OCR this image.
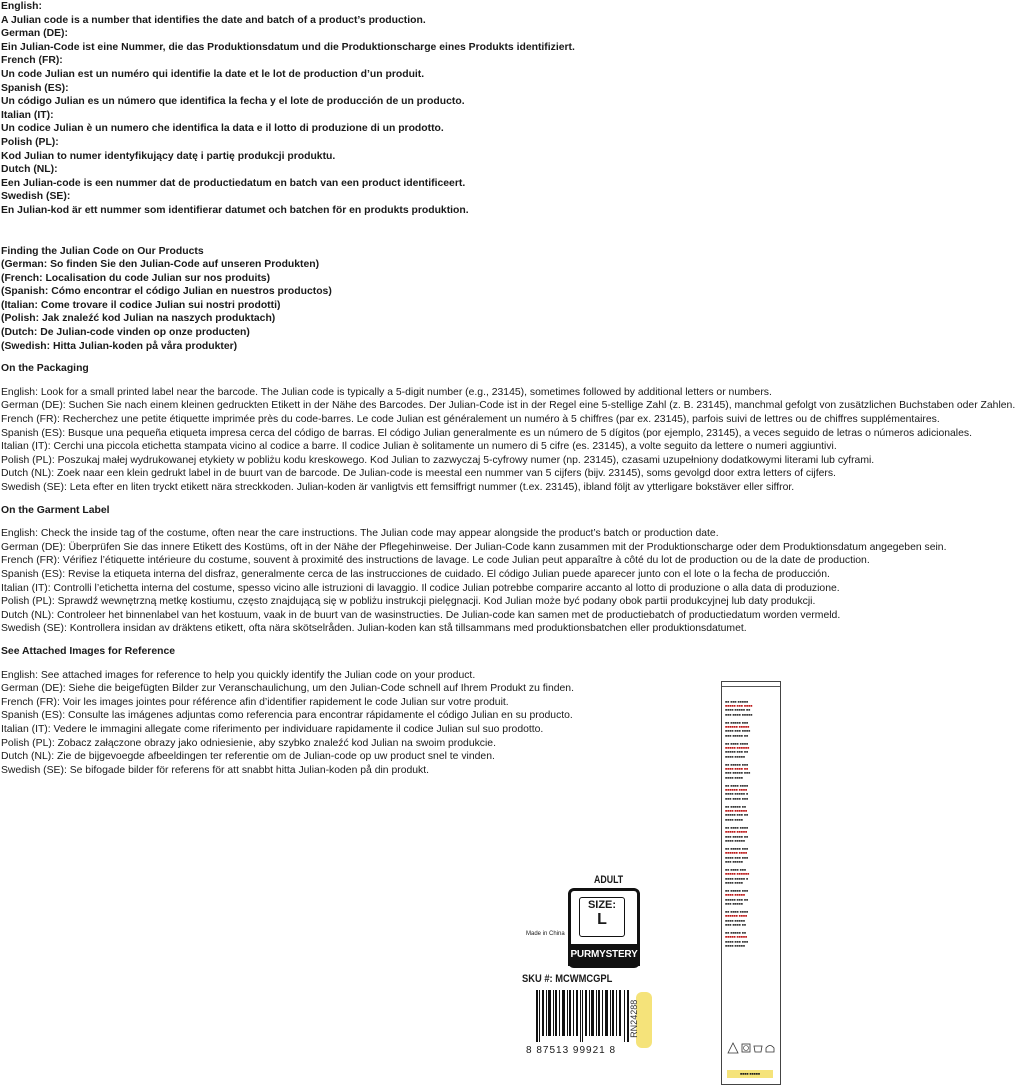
English:
A Julian code is a number that identifies the date and batch of a product’s production.
German (DE):
Ein Julian-Code ist eine Nummer, die das Produktionsdatum und die Produktionscharge eines Produkts identifiziert.
French (FR):
Un code Julian est un numéro qui identifie la date et le lot de production d’un produit.
Spanish (ES):
Un código Julian es un número que identifica la fecha y el lote de producción de un producto.
Italian (IT):
Un codice Julian è un numero che identifica la data e il lotto di produzione di un prodotto.
Polish (PL):
Kod Julian to numer identyfikujący datę i partię produkcji produktu.
Dutch (NL):
Een Julian-code is een nummer dat de productiedatum en batch van een product identificeert.
Swedish (SE):
En Julian-kod är ett nummer som identifierar datumet och batchen för en produkts produktion.
Finding the Julian Code on Our Products
(German: So finden Sie den Julian-Code auf unseren Produkten)
(French: Localisation du code Julian sur nos produits)
(Spanish: Cómo encontrar el código Julian en nuestros productos)
(Italian: Come trovare il codice Julian sui nostri prodotti)
(Polish: Jak znaleźć kod Julian na naszych produktach)
(Dutch: De Julian-code vinden op onze producten)
(Swedish: Hitta Julian-koden på våra produkter)
On the Packaging
English: Look for a small printed label near the barcode. The Julian code is typically a 5-digit number (e.g., 23145), sometimes followed by additional letters or numbers.
German (DE): Suchen Sie nach einem kleinen gedruckten Etikett in der Nähe des Barcodes. Der Julian-Code ist in der Regel eine 5-stellige Zahl (z. B. 23145), manchmal gefolgt von zusätzlichen Buchstaben oder Zahlen.
French (FR): Recherchez une petite étiquette imprimée près du code-barres. Le code Julian est généralement un numéro à 5 chiffres (par ex. 23145), parfois suivi de lettres ou de chiffres supplémentaires.
Spanish (ES): Busque una pequeña etiqueta impresa cerca del código de barras. El código Julian generalmente es un número de 5 dígitos (por ejemplo, 23145), a veces seguido de letras o números adicionales.
Italian (IT): Cerchi una piccola etichetta stampata vicino al codice a barre. Il codice Julian è solitamente un numero di 5 cifre (es. 23145), a volte seguito da lettere o numeri aggiuntivi.
Polish (PL): Poszukaj małej wydrukowanej etykiety w pobliżu kodu kreskowego. Kod Julian to zazwyczaj 5-cyfrowy numer (np. 23145), czasami uzupełniony dodatkowymi literami lub cyframi.
Dutch (NL): Zoek naar een klein gedrukt label in de buurt van de barcode. De Julian-code is meestal een nummer van 5 cijfers (bijv. 23145), soms gevolgd door extra letters of cijfers.
Swedish (SE): Leta efter en liten tryckt etikett nära streckkoden. Julian-koden är vanligtvis ett femsiffrigt nummer (t.ex. 23145), ibland följt av ytterligare bokstäver eller siffror.
On the Garment Label
English: Check the inside tag of the costume, often near the care instructions. The Julian code may appear alongside the product’s batch or production date.
German (DE): Überprüfen Sie das innere Etikett des Kostüms, oft in der Nähe der Pflegehinweise. Der Julian-Code kann zusammen mit der Produktionscharge oder dem Produktionsdatum angegeben sein.
French (FR): Vérifiez l’étiquette intérieure du costume, souvent à proximité des instructions de lavage. Le code Julian peut apparaître à côté du lot de production ou de la date de production.
Spanish (ES): Revise la etiqueta interna del disfraz, generalmente cerca de las instrucciones de cuidado. El código Julian puede aparecer junto con el lote o la fecha de producción.
Italian (IT): Controlli l’etichetta interna del costume, spesso vicino alle istruzioni di lavaggio. Il codice Julian potrebbe comparire accanto al lotto di produzione o alla data di produzione.
Polish (PL): Sprawdź wewnętrzną metkę kostiumu, często znajdującą się w pobliżu instrukcji pielęgnacji. Kod Julian może być podany obok partii produkcyjnej lub daty produkcji.
Dutch (NL): Controleer het binnenlabel van het kostuum, vaak in de buurt van de wasinstructies. De Julian-code kan samen met de productiebatch of productiedatum worden vermeld.
Swedish (SE): Kontrollera insidan av dräktens etikett, ofta nära skötselråden. Julian-koden kan stå tillsammans med produktionsbatchen eller produktionsdatumet.
See Attached Images for Reference
English: See attached images for reference to help you quickly identify the Julian code on your product.
German (DE): Siehe die beigefügten Bilder zur Veranschaulichung, um den Julian-Code schnell auf Ihrem Produkt zu finden.
French (FR): Voir les images jointes pour référence afin d’identifier rapidement le code Julian sur votre produit.
Spanish (ES): Consulte las imágenes adjuntas como referencia para encontrar rápidamente el código Julian en su producto.
Italian (IT): Vedere le immagini allegate come riferimento per individuare rapidamente il codice Julian sul suo prodotto.
Polish (PL): Zobacz załączone obrazy jako odniesienie, aby szybko znaleźć kod Julian na swoim produkcie.
Dutch (NL): Zie de bijgevoegde afbeeldingen ter referentie om de Julian-code op uw product snel te vinden.
Swedish (SE): Se bifogade bilder för referens för att snabbt hitta Julian-koden på din produkt.
ADULT
SIZE:
L
Made in China
PURMYSTERY
SKU #: MCWMCGPL
8 87513 99921 8
RN24288
■■ ■■■ ■■■■■
■■■■■ ■■■ ■■■■
■■■■ ■■■■■ ■■
■■■ ■■■■ ■■■■■

■■ ■■■■■ ■■■
■■■■■■ ■■■■■
■■■■ ■■■ ■■■■
■■■ ■■■■■ ■■

■■ ■■■■ ■■■■
■■■■■ ■■■■■■
■■■■■ ■■■ ■■
■■■■ ■■■■■

■■ ■■■■■ ■■■
■■■■ ■■■■ ■■
■■■ ■■■■■ ■■■
■■■■ ■■■■

■■ ■■■■ ■■■■
■■■■■■ ■■■■
■■■■ ■■■■■ ■
■■■ ■■■■ ■■■

■■ ■■■■■ ■■
■■■■ ■■■■■■
■■■■■ ■■■ ■■
■■■■ ■■■■

■■ ■■■■ ■■■■
■■■■■ ■■■■■
■■■ ■■■■■ ■■
■■■■ ■■■■■

■■ ■■■■■ ■■■
■■■■■■ ■■■■
■■■■ ■■■ ■■■
■■■ ■■■■■

■■ ■■■■ ■■■
■■■■■ ■■■■■■
■■■■ ■■■■■ ■
■■■■ ■■■■

■■ ■■■■■ ■■■
■■■■ ■■■■■
■■■■■ ■■■ ■■
■■■ ■■■■■

■■ ■■■■ ■■■■
■■■■■■ ■■■■
■■■■ ■■■■■
■■■ ■■■■ ■■

■■ ■■■■■ ■■
■■■■■ ■■■■■
■■■■ ■■■ ■■■
■■■■ ■■■■■
■■■■ ■■■■■
